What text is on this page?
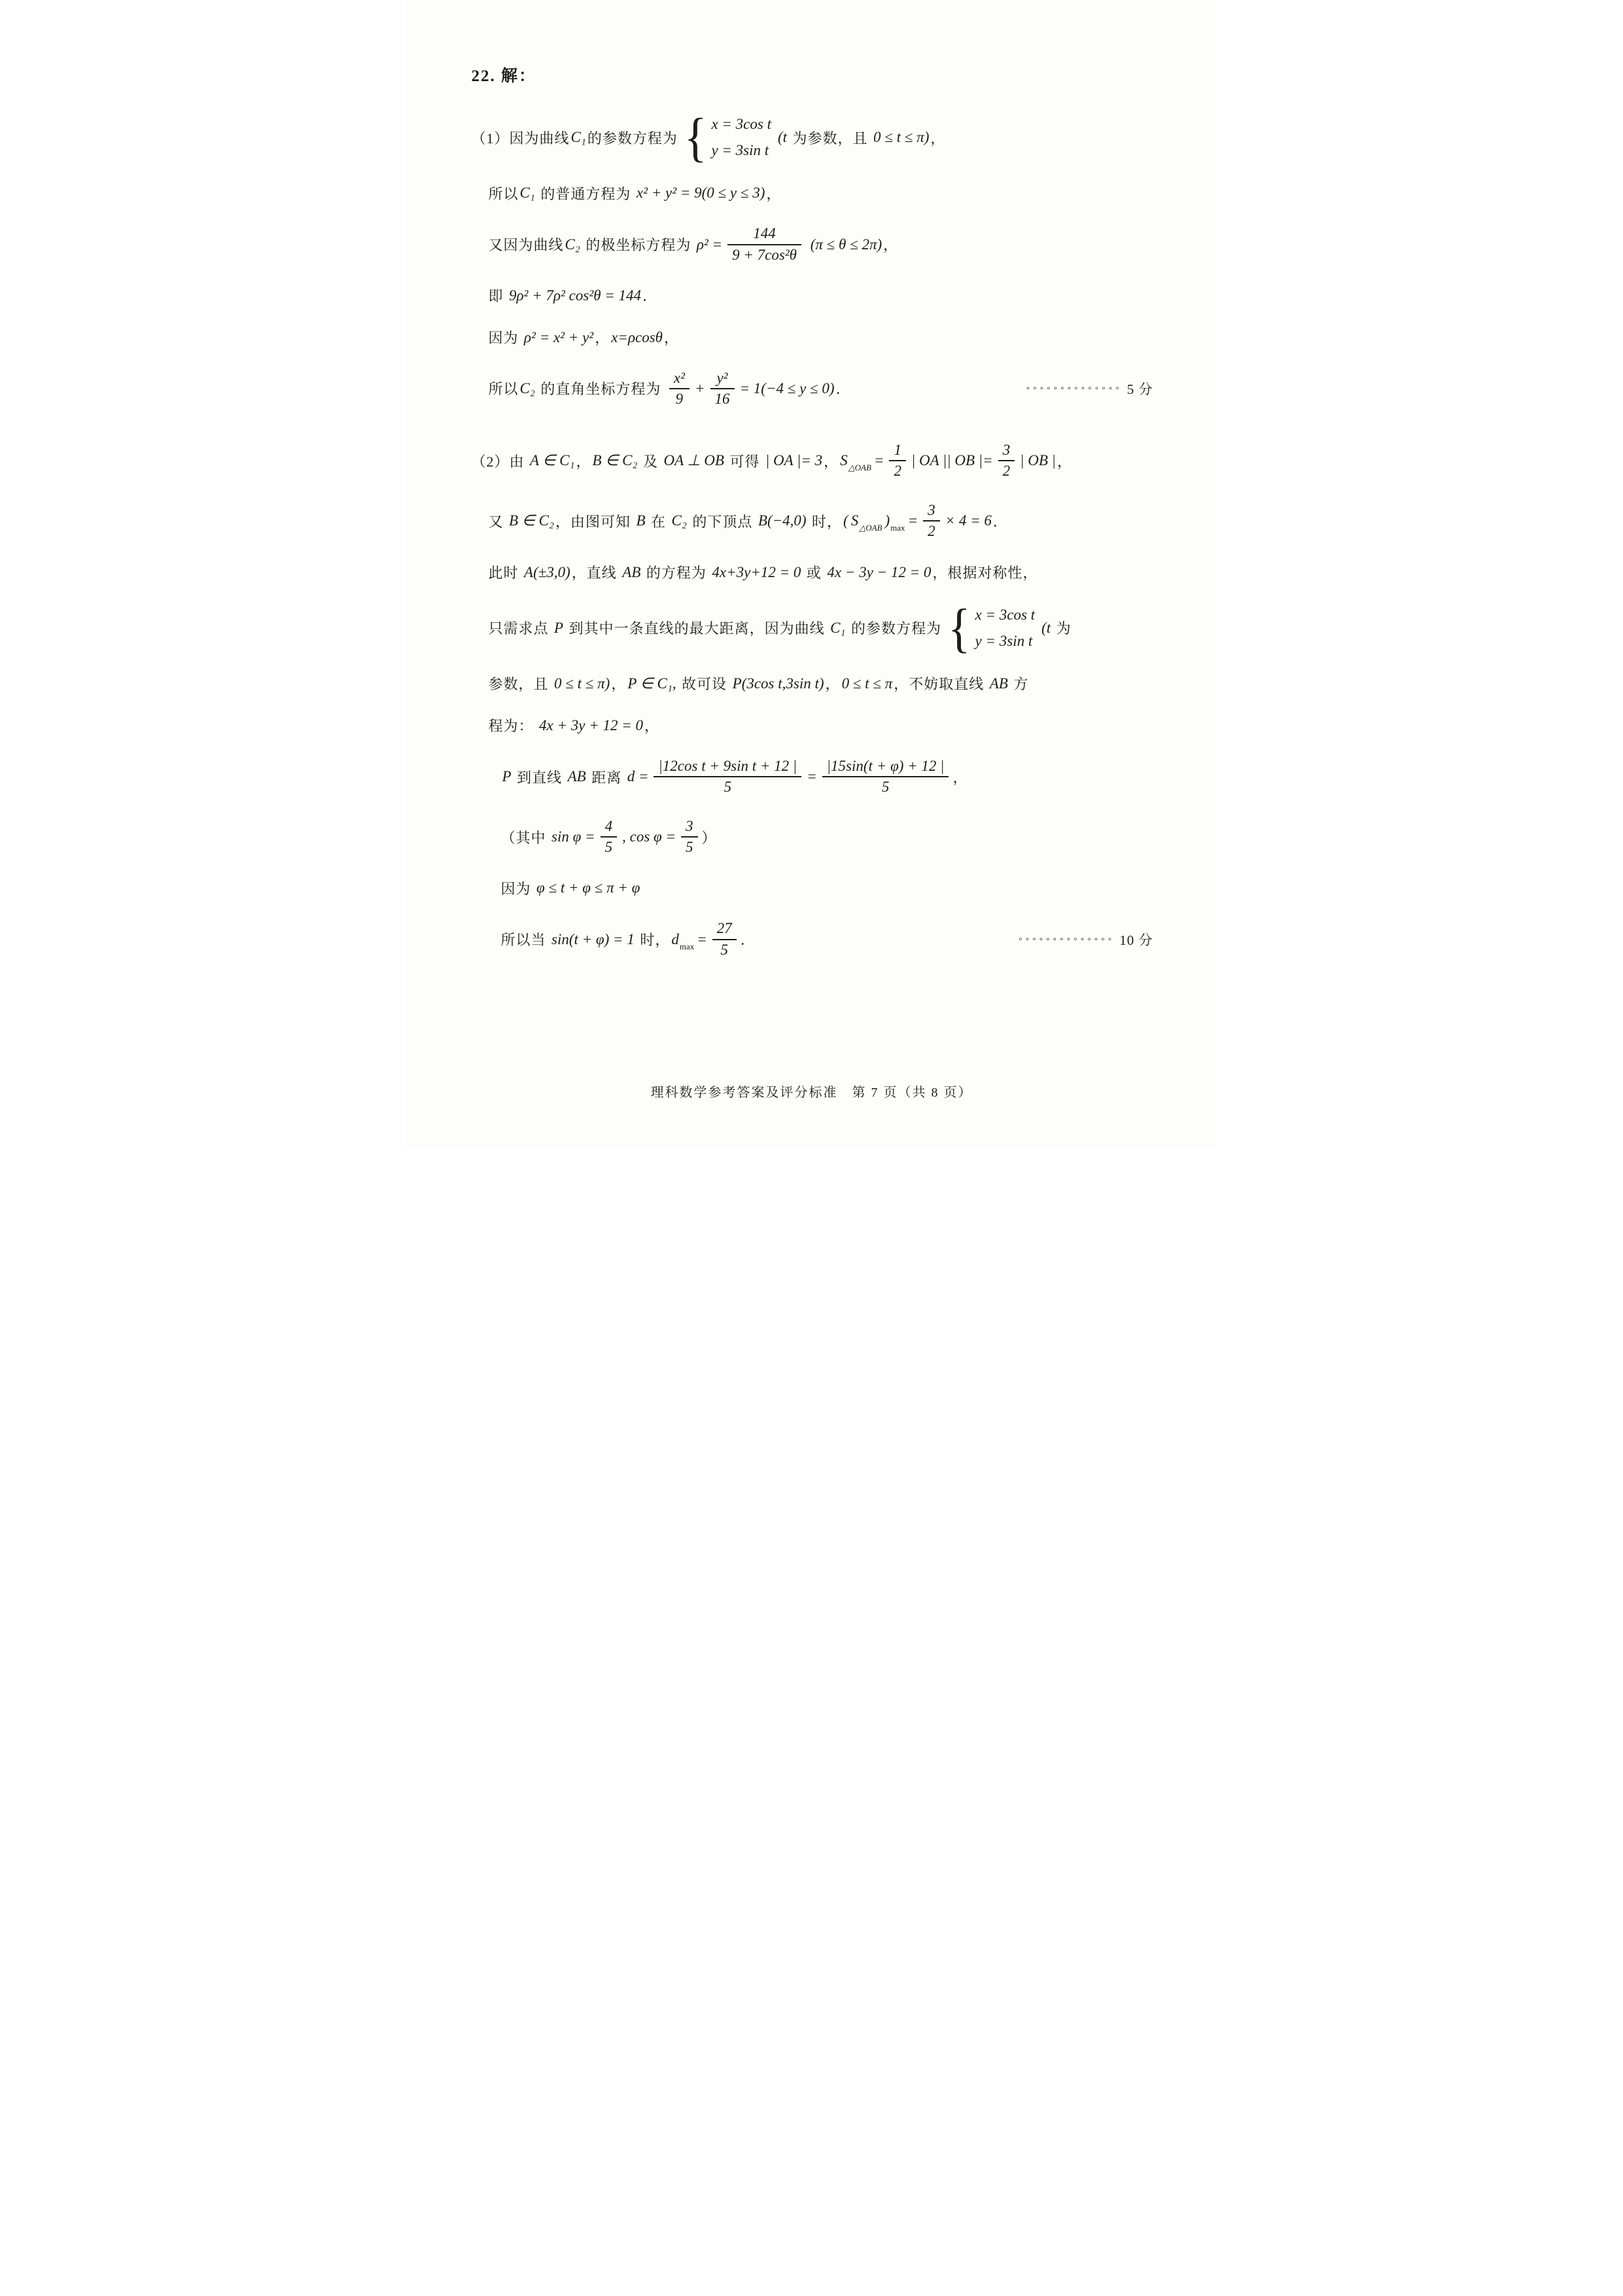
22. 解：
（1）因为曲线 C₁ 的参数方程为 { x = 3cos t
y = 3sin t
(t 为参数，且 0 ≤ t ≤ π) ，
所以 C₁ 的普通方程为 x² + y² = 9(0 ≤ y ≤ 3) ，
又因为曲线 C₂ 的极坐标方程为 $\rho^2 = \frac{144}{\text{9 + 7cos²θ}} (\pi \le \theta \le 2\pi)$ ，
即 9ρ² + 7ρ² cos²θ = 144 ．
因为 ρ² = x² + y² ， x=ρcosθ ，
所以 C₂ 的直角坐标方程为 $\frac{\text{x²}}{9} + \frac{\text{y²}}{16} = 1(-4 \le y \le 0)$ ．	∘∘∘∘∘∘∘∘∘∘∘∘∘∘ 5 分
（2）由 A ∈ C₁ ， B ∈ C₂ 及 OA ⊥ OB 可得 | OA |= 3 ， S△OAB = $\frac{1}{2}$ | OA || OB |= $\frac{3}{2}$ | OB | ，
又 B ∈ C₂ ，由图可知 B 在 C₂ 的下顶点 B(−4,0) 时， ( S△OAB )$\max = \frac{3}{2} \times 4 = 6$ ．
此时 A(±3,0) ，直线 AB 的方程为 4x+3y+12 = 0 或 4x − 3y − 12 = 0 ，根据对称性，
只需求点 P 到其中一条直线的最大距离，因为曲线 C₁ 的参数方程为 { x = 3cos t
y = 3sin t
(t 为
参数，且 0 ≤ t ≤ π) ， P ∈ C₁, 故可设 P(3cos t,3sin t) ， 0 ≤ t ≤ π ，不妨取直线 AB 方
程为： 4x + 3y + 12 = 0 ，
P 到直线 AB 距离 $d = \frac{\text{|12cos t + 9sin t + 12 |}}{5} = \frac{|15\sin(t + \varphi) + 12 |}{5}$ ，
（其中 $\sin \varphi = \frac{4}{5}$ , $\cos \varphi = \frac{3}{5}$ ）
因为 φ ≤ t + φ ≤ π + φ
所以当 sin(t + φ) = 1 时， $dmax = \frac{27}{5}$ ．	∘∘∘∘∘∘∘∘∘∘∘∘∘∘ 10 分
理科数学参考答案及评分标准　第 7 页（共 8 页）
